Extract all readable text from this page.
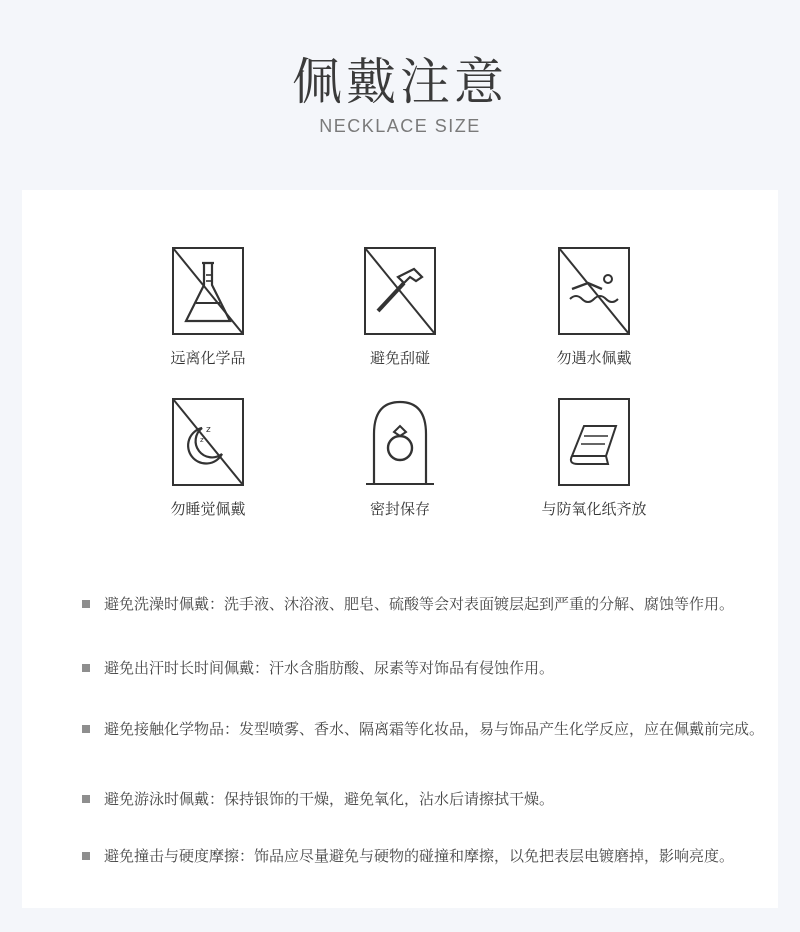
佩戴注意
NECKLACE SIZE
远离化学品	避免刮碰	勿遇水佩戴
z
z
勿睡觉佩戴	密封保存	与防氧化纸齐放
避免洗澡时佩戴：洗手液、沐浴液、肥皂、硫酸等会对表面镀层起到严重的分解、腐蚀等作用。
避免出汗时长时间佩戴：汗水含脂肪酸、尿素等对饰品有侵蚀作用。
避免接触化学物品：发型喷雾、香水、隔离霜等化妆品，易与饰品产生化学反应，应在佩戴前完成。
避免游泳时佩戴：保持银饰的干燥，避免氧化，沾水后请擦拭干燥。
避免撞击与硬度摩擦：饰品应尽量避免与硬物的碰撞和摩擦，以免把表层电镀磨掉，影响亮度。
